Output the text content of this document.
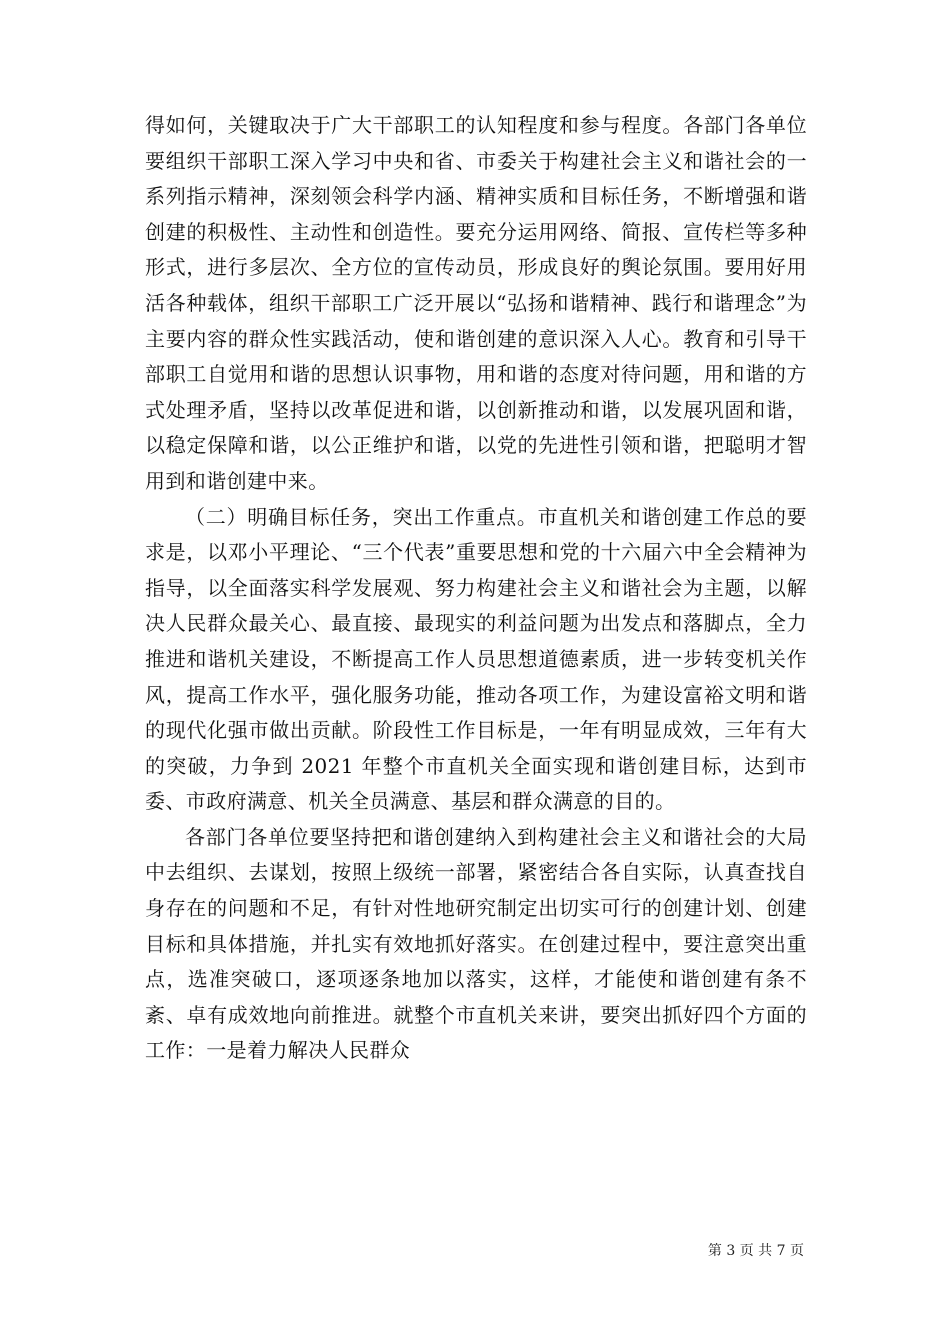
得如何，关键取决于广大干部职工的认知程度和参与程度。各部门各单位要组织干部职工深入学习中央和省、市委关于构建社会主义和谐社会的一系列指示精神，深刻领会科学内涵、精神实质和目标任务，不断增强和谐创建的积极性、主动性和创造性。要充分运用网络、简报、宣传栏等多种形式，进行多层次、全方位的宣传动员，形成良好的舆论氛围。要用好用活各种载体，组织干部职工广泛开展以“弘扬和谐精神、践行和谐理念”为主要内容的群众性实践活动，使和谐创建的意识深入人心。教育和引导干部职工自觉用和谐的思想认识事物，用和谐的态度对待问题，用和谐的方式处理矛盾，坚持以改革促进和谐，以创新推动和谐，以发展巩固和谐，以稳定保障和谐，以公正维护和谐，以党的先进性引领和谐，把聪明才智用到和谐创建中来。

（二）明确目标任务，突出工作重点。市直机关和谐创建工作总的要求是，以邓小平理论、“三个代表”重要思想和党的十六届六中全会精神为指导，以全面落实科学发展观、努力构建社会主义和谐社会为主题，以解决人民群众最关心、最直接、最现实的利益问题为出发点和落脚点，全力推进和谐机关建设，不断提高工作人员思想道德素质，进一步转变机关作风，提高工作水平，强化服务功能，推动各项工作，为建设富裕文明和谐的现代化强市做出贡献。阶段性工作目标是，一年有明显成效，三年有大的突破，力争到 2021 年整个市直机关全面实现和谐创建目标，达到市委、市政府满意、机关全员满意、基层和群众满意的目的。

各部门各单位要坚持把和谐创建纳入到构建社会主义和谐社会的大局中去组织、去谋划，按照上级统一部署，紧密结合各自实际，认真查找自身存在的问题和不足，有针对性地研究制定出切实可行的创建计划、创建目标和具体措施，并扎实有效地抓好落实。在创建过程中，要注意突出重点，选准突破口，逐项逐条地加以落实，这样，才能使和谐创建有条不紊、卓有成效地向前推进。就整个市直机关来讲，要突出抓好四个方面的工作：一是着力解决人民群众

第 3 页 共 7 页
